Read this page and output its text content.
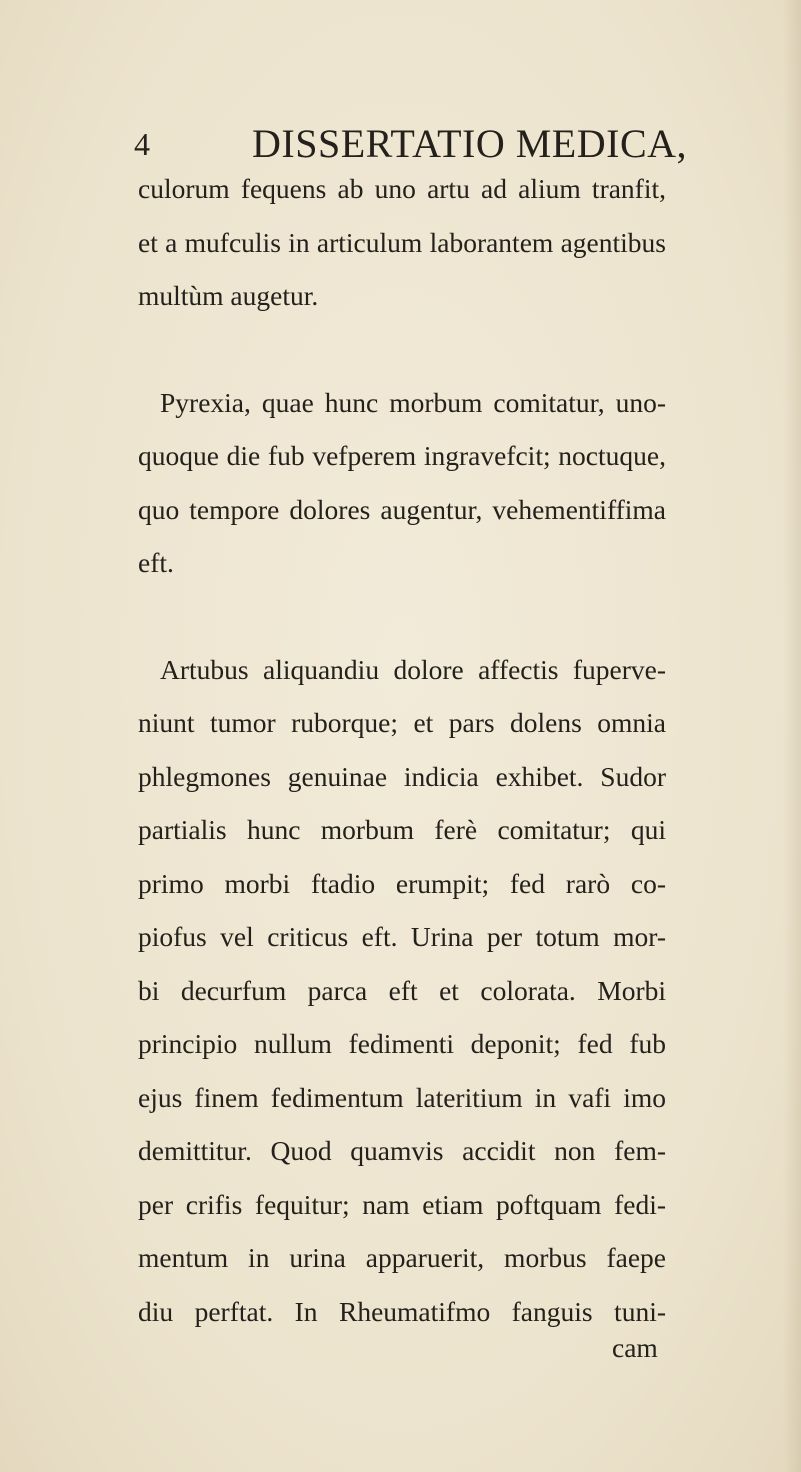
4	DISSERTATIO MEDICA,
culorum fequens ab uno artu ad alium tranfit,
et a mufculis in articulum laborantem agentibus
multùm augetur.
Pyrexia, quae hunc morbum comitatur, uno-
quoque die fub vefperem ingravefcit; noctuque,
quo tempore dolores augentur, vehementiffima
eft.
Artubus aliquandiu dolore affectis fuperve-
niunt tumor ruborque; et pars dolens omnia
phlegmones genuinae indicia exhibet. Sudor
partialis hunc morbum ferè comitatur; qui
primo morbi ftadio erumpit; fed rarò co-
piofus vel criticus eft. Urina per totum mor-
bi decurfum parca eft et colorata. Morbi
principio nullum fedimenti deponit; fed fub
ejus finem fedimentum lateritium in vafi imo
demittitur. Quod quamvis accidit non fem-
per crifis fequitur; nam etiam poftquam fedi-
mentum in urina apparuerit, morbus faepe
diu perftat. In Rheumatifmo fanguis tuni-
cam
